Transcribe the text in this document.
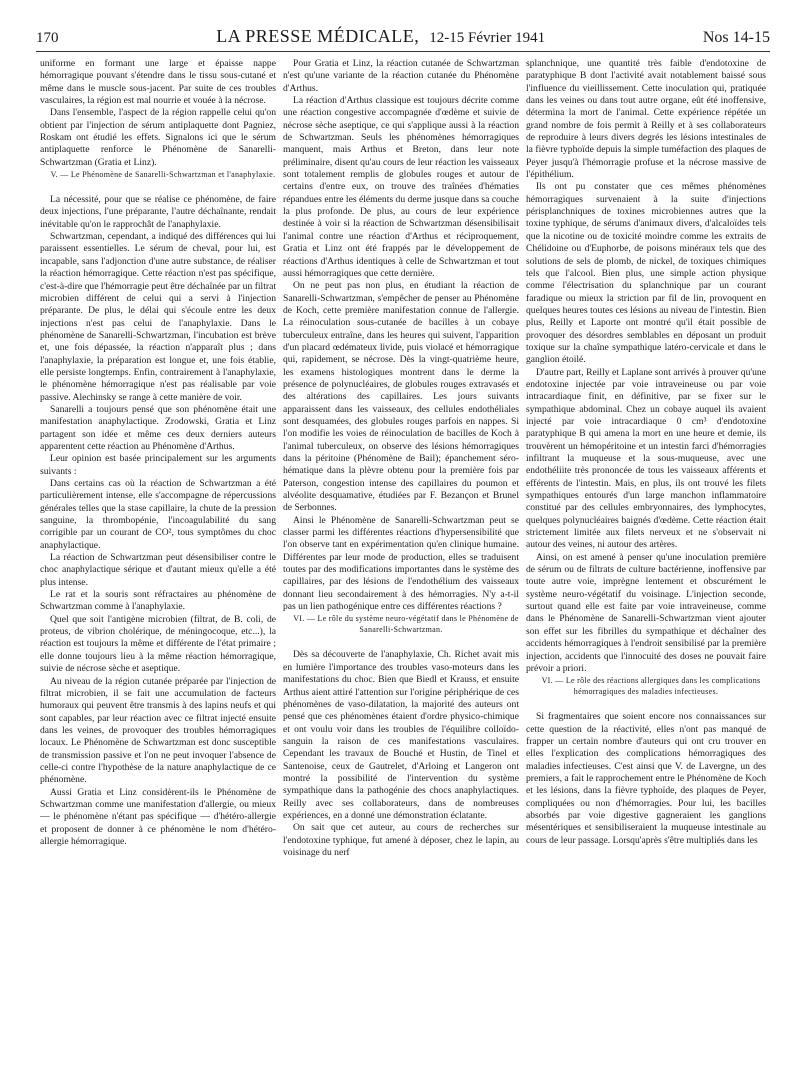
170	LA PRESSE MÉDICALE, 12-15 Février 1941	Nos 14-15

uniforme en formant une large et épaisse nappe hémorragique pouvant s'étendre dans le tissu sous-cutané et même dans le muscle sous-jacent. Par suite de ces troubles vasculaires, la région est mal nourrie et vouée à la nécrose.

Dans l'ensemble, l'aspect de la région rappelle celui qu'on obtient par l'injection de sérum antiplaquette dont Pagniez, Roskam ont étudié les effets. Signalons ici que le sérum antiplaquette renforce le Phénomène de Sanarelli-Schwartzman (Gratia et Linz).

V. — Le Phénomène de Sanarelli-Schwartzman et l'anaphylaxie.

La nécessité, pour que se réalise ce phénomène, de faire deux injections, l'une préparante, l'autre déchaînante, rendait inévitable qu'on le rapprochât de l'anaphylaxie.

Schwartzman, cependant, a indiqué des différences qui lui paraissent essentielles. Le sérum de cheval, pour lui, est incapable, sans l'adjonction d'une autre substance, de réaliser la réaction hémorragique. Cette réaction n'est pas spécifique, c'est-à-dire que l'hémorragie peut être déchaînée par un filtrat microbien différent de celui qui a servi à l'injection préparante. De plus, le délai qui s'écoule entre les deux injections n'est pas celui de l'anaphylaxie. Dans le phénomène de Sanarelli-Schwartzman, l'incubation est brève et, une fois dépassée, la réaction n'apparaît plus ; dans l'anaphylaxie, la préparation est longue et, une fois établie, elle persiste longtemps. Enfin, contrairement à l'anaphylaxie, le phénomène hémorragique n'est pas réalisable par voie passive. Alechinsky se range à cette manière de voir.

Sanarelli a toujours pensé que son phénomène était une manifestation anaphylactique. Zrodowski, Gratia et Linz partagent son idée et même ces deux derniers auteurs apparentent cette réaction au Phénomène d'Arthus.

Leur opinion est basée principalement sur les arguments suivants :

Dans certains cas où la réaction de Schwartzman a été particulièrement intense, elle s'accompagne de répercussions générales telles que la stase capillaire, la chute de la pression sanguine, la thrombopénie, l'incoagulabilité du sang corrigible par un courant de CO², tous symptômes du choc anaphylactique.

La réaction de Schwartzman peut désensibiliser contre le choc anaphylactique sérique et d'autant mieux qu'elle a été plus intense.

Le rat et la souris sont réfractaires au phénomène de Schwartzman comme à l'anaphylaxie.

Quel que soit l'antigène microbien (filtrat, de B. coli, de proteus, de vibrion cholérique, de méningocoque, etc...), la réaction est toujours la même et différente de l'état primaire ; elle donne toujours lieu à la même réaction hémorragique, suivie de nécrose sèche et aseptique.

Au niveau de la région cutanée préparée par l'injection de filtrat microbien, il se fait une accumulation de facteurs humoraux qui peuvent être transmis à des lapins neufs et qui sont capables, par leur réaction avec ce filtrat injecté ensuite dans les veines, de provoquer des troubles hémorragiques locaux. Le Phénomène de Schwartzman est donc susceptible de transmission passive et l'on ne peut invoquer l'absence de celle-ci contre l'hypothèse de la nature anaphylactique de ce phénomène.

Aussi Gratia et Linz considèrent-ils le Phénomène de Schwartzman comme une manifestation d'allergie, ou mieux — le phénomène n'étant pas spécifique — d'hétéro-allergie et proposent de donner à ce phénomène le nom d'hétéro-allergie hémorragique.

Pour Gratia et Linz, la réaction cutanée de Schwartzman n'est qu'une variante de la réaction cutanée du Phénomène d'Arthus.

La réaction d'Arthus classique est toujours décrite comme une réaction congestive accompagnée d'œdème et suivie de nécrose sèche aseptique, ce qui s'applique aussi à la réaction de Schwartzman. Seuls les phénomènes hémorragiques manquent, mais Arthus et Breton, dans leur note préliminaire, disent qu'au cours de leur réaction les vaisseaux sont totalement remplis de globules rouges et autour de certains d'entre eux, on trouve des traînées d'hématies répandues entre les éléments du derme jusque dans sa couche la plus profonde. De plus, au cours de leur expérience destinée à voir si la réaction de Schwartzman désensibilisait l'animal contre une réaction d'Arthus et réciproquement, Gratia et Linz ont été frappés par le développement de réactions d'Arthus identiques à celle de Schwartzman et tout aussi hémorragiques que cette dernière.

On ne peut pas non plus, en étudiant la réaction de Sanarelli-Schwartzman, s'empêcher de penser au Phénomène de Koch, cette première manifestation connue de l'allergie. La réinoculation sous-cutanée de bacilles à un cobaye tuberculeux entraîne, dans les heures qui suivent, l'apparition d'un placard œdémateux livide, puis violacé et hémorragique qui, rapidement, se nécrose. Dès la vingt-quatrième heure, les examens histologiques montrent dans le derme la présence de polynucléaires, de globules rouges extravasés et des altérations des capillaires. Les jours suivants apparaissent dans les vaisseaux, des cellules endothéliales sont desquamées, des globules rouges parfois en nappes. Si l'on modifie les voies de réinoculation de bacilles de Koch à l'animal tuberculeux, on observe des lésions hémorragiques dans la péritoine (Phénomène de Bail); épanchement séro-hématique dans la plèvre obtenu pour la première fois par Paterson, congestion intense des capillaires du poumon et alvéolite desquamative, étudiées par F. Bezançon et Brunel de Serbonnes.

Ainsi le Phénomène de Sanarelli-Schwartzman peut se classer parmi les différentes réactions d'hypersensibilité que l'on observe tant en expérimentation qu'en clinique humaine. Différentes par leur mode de production, elles se traduisent toutes par des modifications importantes dans le système des capillaires, par des lésions de l'endothélium des vaisseaux donnant lieu secondairement à des hémorragies. N'y a-t-il pas un lien pathogénique entre ces différentes réactions ?

VI. — Le rôle du système neuro-végétatif dans le Phénomène de Sanarelli-Schwartzman.

Dès sa découverte de l'anaphylaxie, Ch. Richet avait mis en lumière l'importance des troubles vaso-moteurs dans les manifestations du choc. Bien que Biedl et Krauss, et ensuite Arthus aient attiré l'attention sur l'origine périphérique de ces phénomènes de vaso-dilatation, la majorité des auteurs ont pensé que ces phénomènes étaient d'ordre physico-chimique et ont voulu voir dans les troubles de l'équilibre colloïdo-sanguin la raison de ces manifestations vasculaires. Cependant les travaux de Bouché et Hustin, de Tinel et Santenoise, ceux de Gautrelet, d'Arloing et Langeron ont montré la possibilité de l'intervention du système sympathique dans la pathogénie des chocs anaphylactiques. Reilly avec ses collaborateurs, dans de nombreuses expériences, en a donné une démonstration éclatante.

On sait que cet auteur, au cours de recherches sur l'endotoxine typhique, fut amené à déposer, chez le lapin, au voisinage du nerf

splanchnique, une quantité très faible d'endotoxine de paratyphique B dont l'activité avait notablement baissé sous l'influence du vieillissement. Cette inoculation qui, pratiquée dans les veines ou dans tout autre organe, eût été inoffensive, détermina la mort de l'animal. Cette expérience répétée un grand nombre de fois permit à Reilly et à ses collaborateurs de reproduire à leurs divers degrés les lésions intestinales de la fièvre typhoïde depuis la simple tuméfaction des plaques de Peyer jusqu'à l'hémorragie profuse et la nécrose massive de l'épithélium.

Ils ont pu constater que ces mêmes phénomènes hémorragiques survenaient à la suite d'injections périsplanchniques de toxines microbiennes autres que la toxine typhique, de sérums d'animaux divers, d'alcaloïdes tels que la nicotine ou de toxicité moindre comme les extraits de Chélidoine ou d'Euphorbe, de poisons minéraux tels que des solutions de sels de plomb, de nickel, de toxiques chimiques tels que l'alcool. Bien plus, une simple action physique comme l'électrisation du splanchnique par un courant faradique ou mieux la striction par fil de lin, provoquent en quelques heures toutes ces lésions au niveau de l'intestin. Bien plus, Reilly et Laporte ont montré qu'il était possible de provoquer des désordres semblables en déposant un produit toxique sur la chaîne sympathique latéro-cervicale et dans le ganglion étoilé.

D'autre part, Reilly et Laplane sont arrivés à prouver qu'une endotoxine injectée par voie intraveineuse ou par voie intracardiaque finit, en définitive, par se fixer sur le sympathique abdominal. Chez un cobaye auquel ils avaient injecté par voie intracardiaque 0 cm³ d'endotoxine paratyphique B qui amena la mort en une heure et demie, ils trouvèrent un hémopéritoine et un intestin farci d'hémorragies infiltrant la muqueuse et la sous-muqueuse, avec une endothéliite très prononcée de tous les vaisseaux afférents et efférents de l'intestin. Mais, en plus, ils ont trouvé les filets sympathiques entourés d'un large manchon inflammatoire constitué par des cellules embryonnaires, des lymphocytes, quelques polynucléaires baignés d'œdème. Cette réaction était strictement limitée aux filets nerveux et ne s'observait ni autour des veines, ni autour des artères.

Ainsi, on est amené à penser qu'une inoculation première de sérum ou de filtrats de culture bactérienne, inoffensive par toute autre voie, imprègne lentement et obscurément le système neuro-végétatif du voisinage. L'injection seconde, surtout quand elle est faite par voie intraveineuse, comme dans le Phénomène de Sanarelli-Schwartzman vient ajouter son effet sur les fibrilles du sympathique et déchaîner des accidents hémorragiques à l'endroit sensibilisé par la première injection, accidents que l'innocuité des doses ne pouvait faire prévoir a priori.

VI. — Le rôle des réactions allergiques dans les complications hémorragiques des maladies infectieuses.

Si fragmentaires que soient encore nos connaissances sur cette question de la réactivité, elles n'ont pas manqué de frapper un certain nombre d'auteurs qui ont cru trouver en elles l'explication des complications hémorragiques des maladies infectieuses. C'est ainsi que V. de Lavergne, un des premiers, a fait le rapprochement entre le Phénomène de Koch et les lésions, dans la fièvre typhoïde, des plaques de Peyer, compliquées ou non d'hémorragies. Pour lui, les bacilles absorbés par voie digestive gagneraient les ganglions mésentériques et sensibiliseraient la muqueuse intestinale au cours de leur passage. Lorsqu'après s'être multipliés dans les
